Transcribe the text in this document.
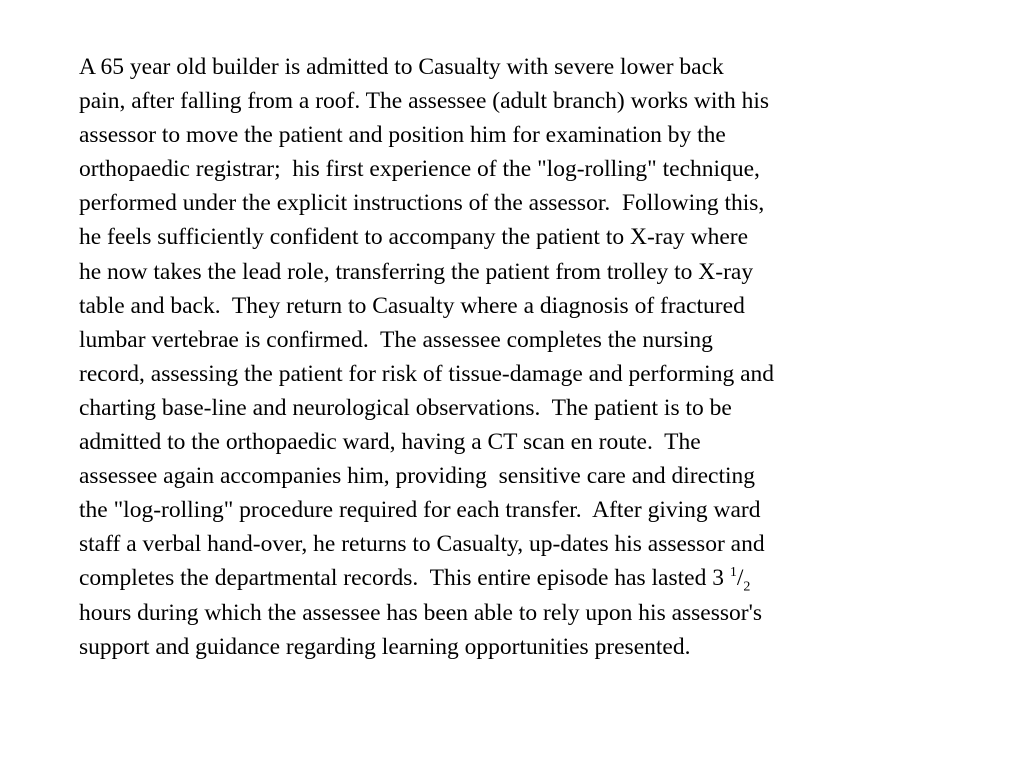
A 65 year old builder is admitted to Casualty with severe lower back
pain, after falling from a roof. The assessee (adult branch) works with his
assessor to move the patient and position him for examination by the
orthopaedic registrar;  his first experience of the "log-rolling" technique,
performed under the explicit instructions of the assessor.  Following this,
he feels sufficiently confident to accompany the patient to X-ray where
he now takes the lead role, transferring the patient from trolley to X-ray
table and back.  They return to Casualty where a diagnosis of fractured
lumbar vertebrae is confirmed.  The assessee completes the nursing
record, assessing the patient for risk of tissue-damage and performing and
charting base-line and neurological observations.  The patient is to be
admitted to the orthopaedic ward, having a CT scan en route.  The
assessee again accompanies him, providing  sensitive care and directing
the "log-rolling" procedure required for each transfer.  After giving ward
staff a verbal hand-over, he returns to Casualty, up-dates his assessor and
completes the departmental records.  This entire episode has lasted 3 $^1/_2$
hours during which the assessee has been able to rely upon his assessor's
support and guidance regarding learning opportunities presented.
